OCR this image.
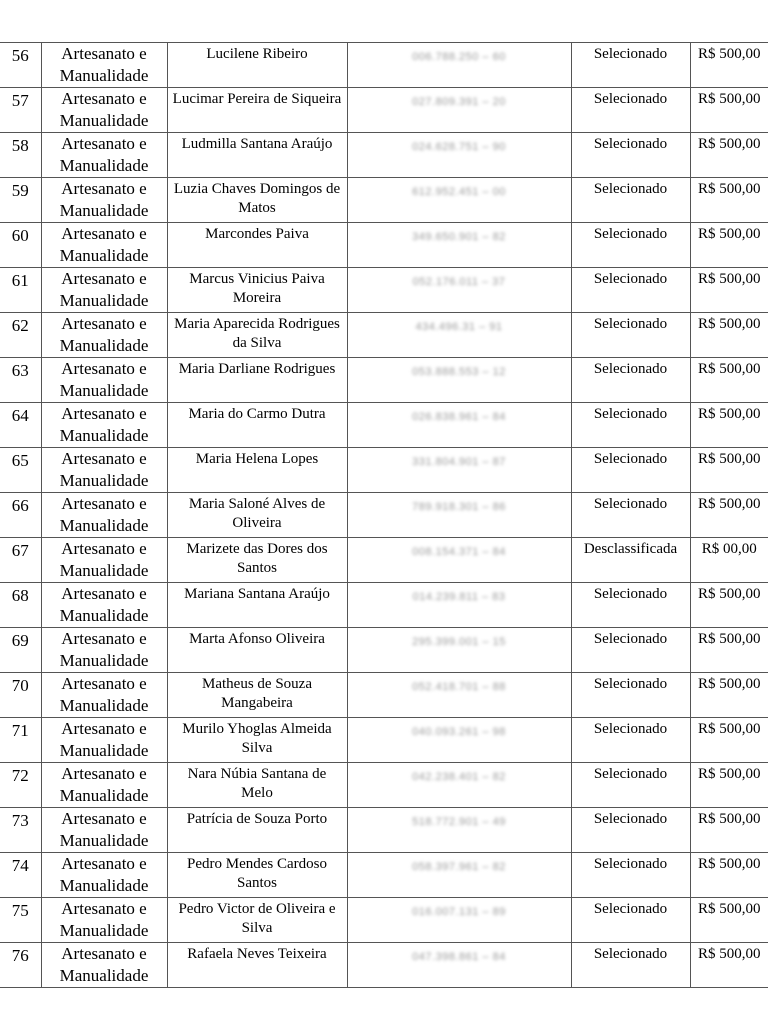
56	Artesanato e Manualidade	Lucilene Ribeiro	006.788.250 – 60	Selecionado	R$ 500,00
57	Artesanato e Manualidade	Lucimar Pereira de Siqueira	027.809.391 – 20	Selecionado	R$ 500,00
58	Artesanato e Manualidade	Ludmilla Santana Araújo	024.628.751 – 90	Selecionado	R$ 500,00
59	Artesanato e Manualidade	Luzia Chaves Domingos de Matos	612.952.451 – 00	Selecionado	R$ 500,00
60	Artesanato e Manualidade	Marcondes Paiva	349.650.901 – 82	Selecionado	R$ 500,00
61	Artesanato e Manualidade	Marcus Vinicius Paiva Moreira	052.176.011 – 37	Selecionado	R$ 500,00
62	Artesanato e Manualidade	Maria Aparecida Rodrigues da Silva	434.496.31 – 91	Selecionado	R$ 500,00
63	Artesanato e Manualidade	Maria Darliane Rodrigues	053.888.553 – 12	Selecionado	R$ 500,00
64	Artesanato e Manualidade	Maria do Carmo Dutra	026.838.961 – 84	Selecionado	R$ 500,00
65	Artesanato e Manualidade	Maria Helena Lopes	331.804.901 – 87	Selecionado	R$ 500,00
66	Artesanato e Manualidade	Maria Saloné Alves de Oliveira	789.918.301 – 86	Selecionado	R$ 500,00
67	Artesanato e Manualidade	Marizete das Dores dos Santos	008.154.371 – 84	Desclassificada	R$ 00,00
68	Artesanato e Manualidade	Mariana Santana Araújo	014.239.811 – 83	Selecionado	R$ 500,00
69	Artesanato e Manualidade	Marta Afonso Oliveira	295.399.001 – 15	Selecionado	R$ 500,00
70	Artesanato e Manualidade	Matheus de Souza Mangabeira	052.418.701 – 88	Selecionado	R$ 500,00
71	Artesanato e Manualidade	Murilo Yhoglas Almeida Silva	040.093.261 – 98	Selecionado	R$ 500,00
72	Artesanato e Manualidade	Nara Núbia Santana de Melo	042.238.401 – 82	Selecionado	R$ 500,00
73	Artesanato e Manualidade	Patrícia de Souza Porto	518.772.901 – 49	Selecionado	R$ 500,00
74	Artesanato e Manualidade	Pedro Mendes Cardoso Santos	058.397.961 – 82	Selecionado	R$ 500,00
75	Artesanato e Manualidade	Pedro Victor de Oliveira e Silva	016.007.131 – 89	Selecionado	R$ 500,00
76	Artesanato e Manualidade	Rafaela Neves Teixeira	047.398.861 – 84	Selecionado	R$ 500,00
